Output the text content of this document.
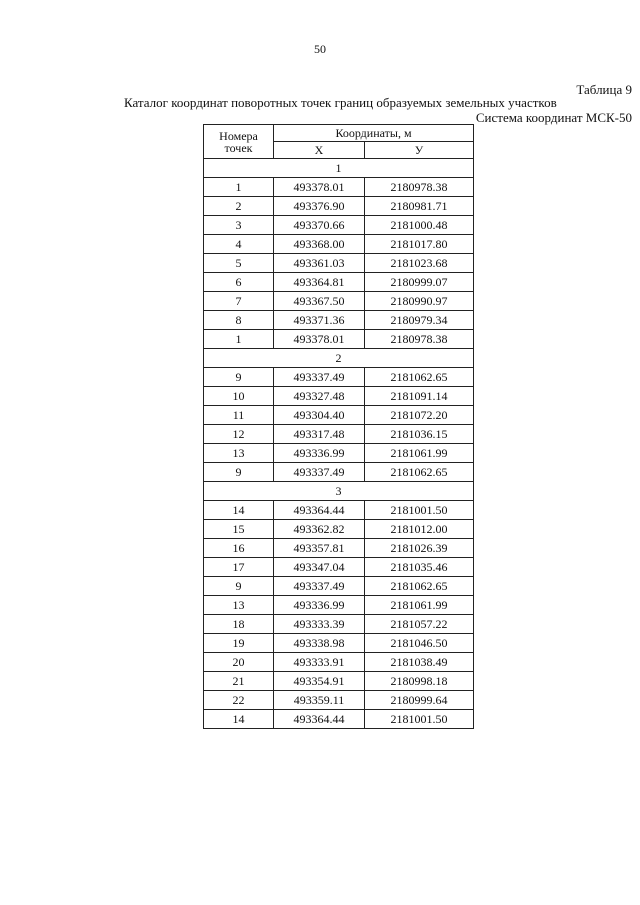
50
Таблица 9
Каталог координат поворотных точек границ образуемых земельных участков
Система координат МСК-50
Номера
точек	Координаты, м	
	X	У
1		
1	493378.01	2180978.38
2	493376.90	2180981.71
3	493370.66	2181000.48
4	493368.00	2181017.80
5	493361.03	2181023.68
6	493364.81	2180999.07
7	493367.50	2180990.97
8	493371.36	2180979.34
1	493378.01	2180978.38
2		
9	493337.49	2181062.65
10	493327.48	2181091.14
11	493304.40	2181072.20
12	493317.48	2181036.15
13	493336.99	2181061.99
9	493337.49	2181062.65
3		
14	493364.44	2181001.50
15	493362.82	2181012.00
16	493357.81	2181026.39
17	493347.04	2181035.46
9	493337.49	2181062.65
13	493336.99	2181061.99
18	493333.39	2181057.22
19	493338.98	2181046.50
20	493333.91	2181038.49
21	493354.91	2180998.18
22	493359.11	2180999.64
14	493364.44	2181001.50
